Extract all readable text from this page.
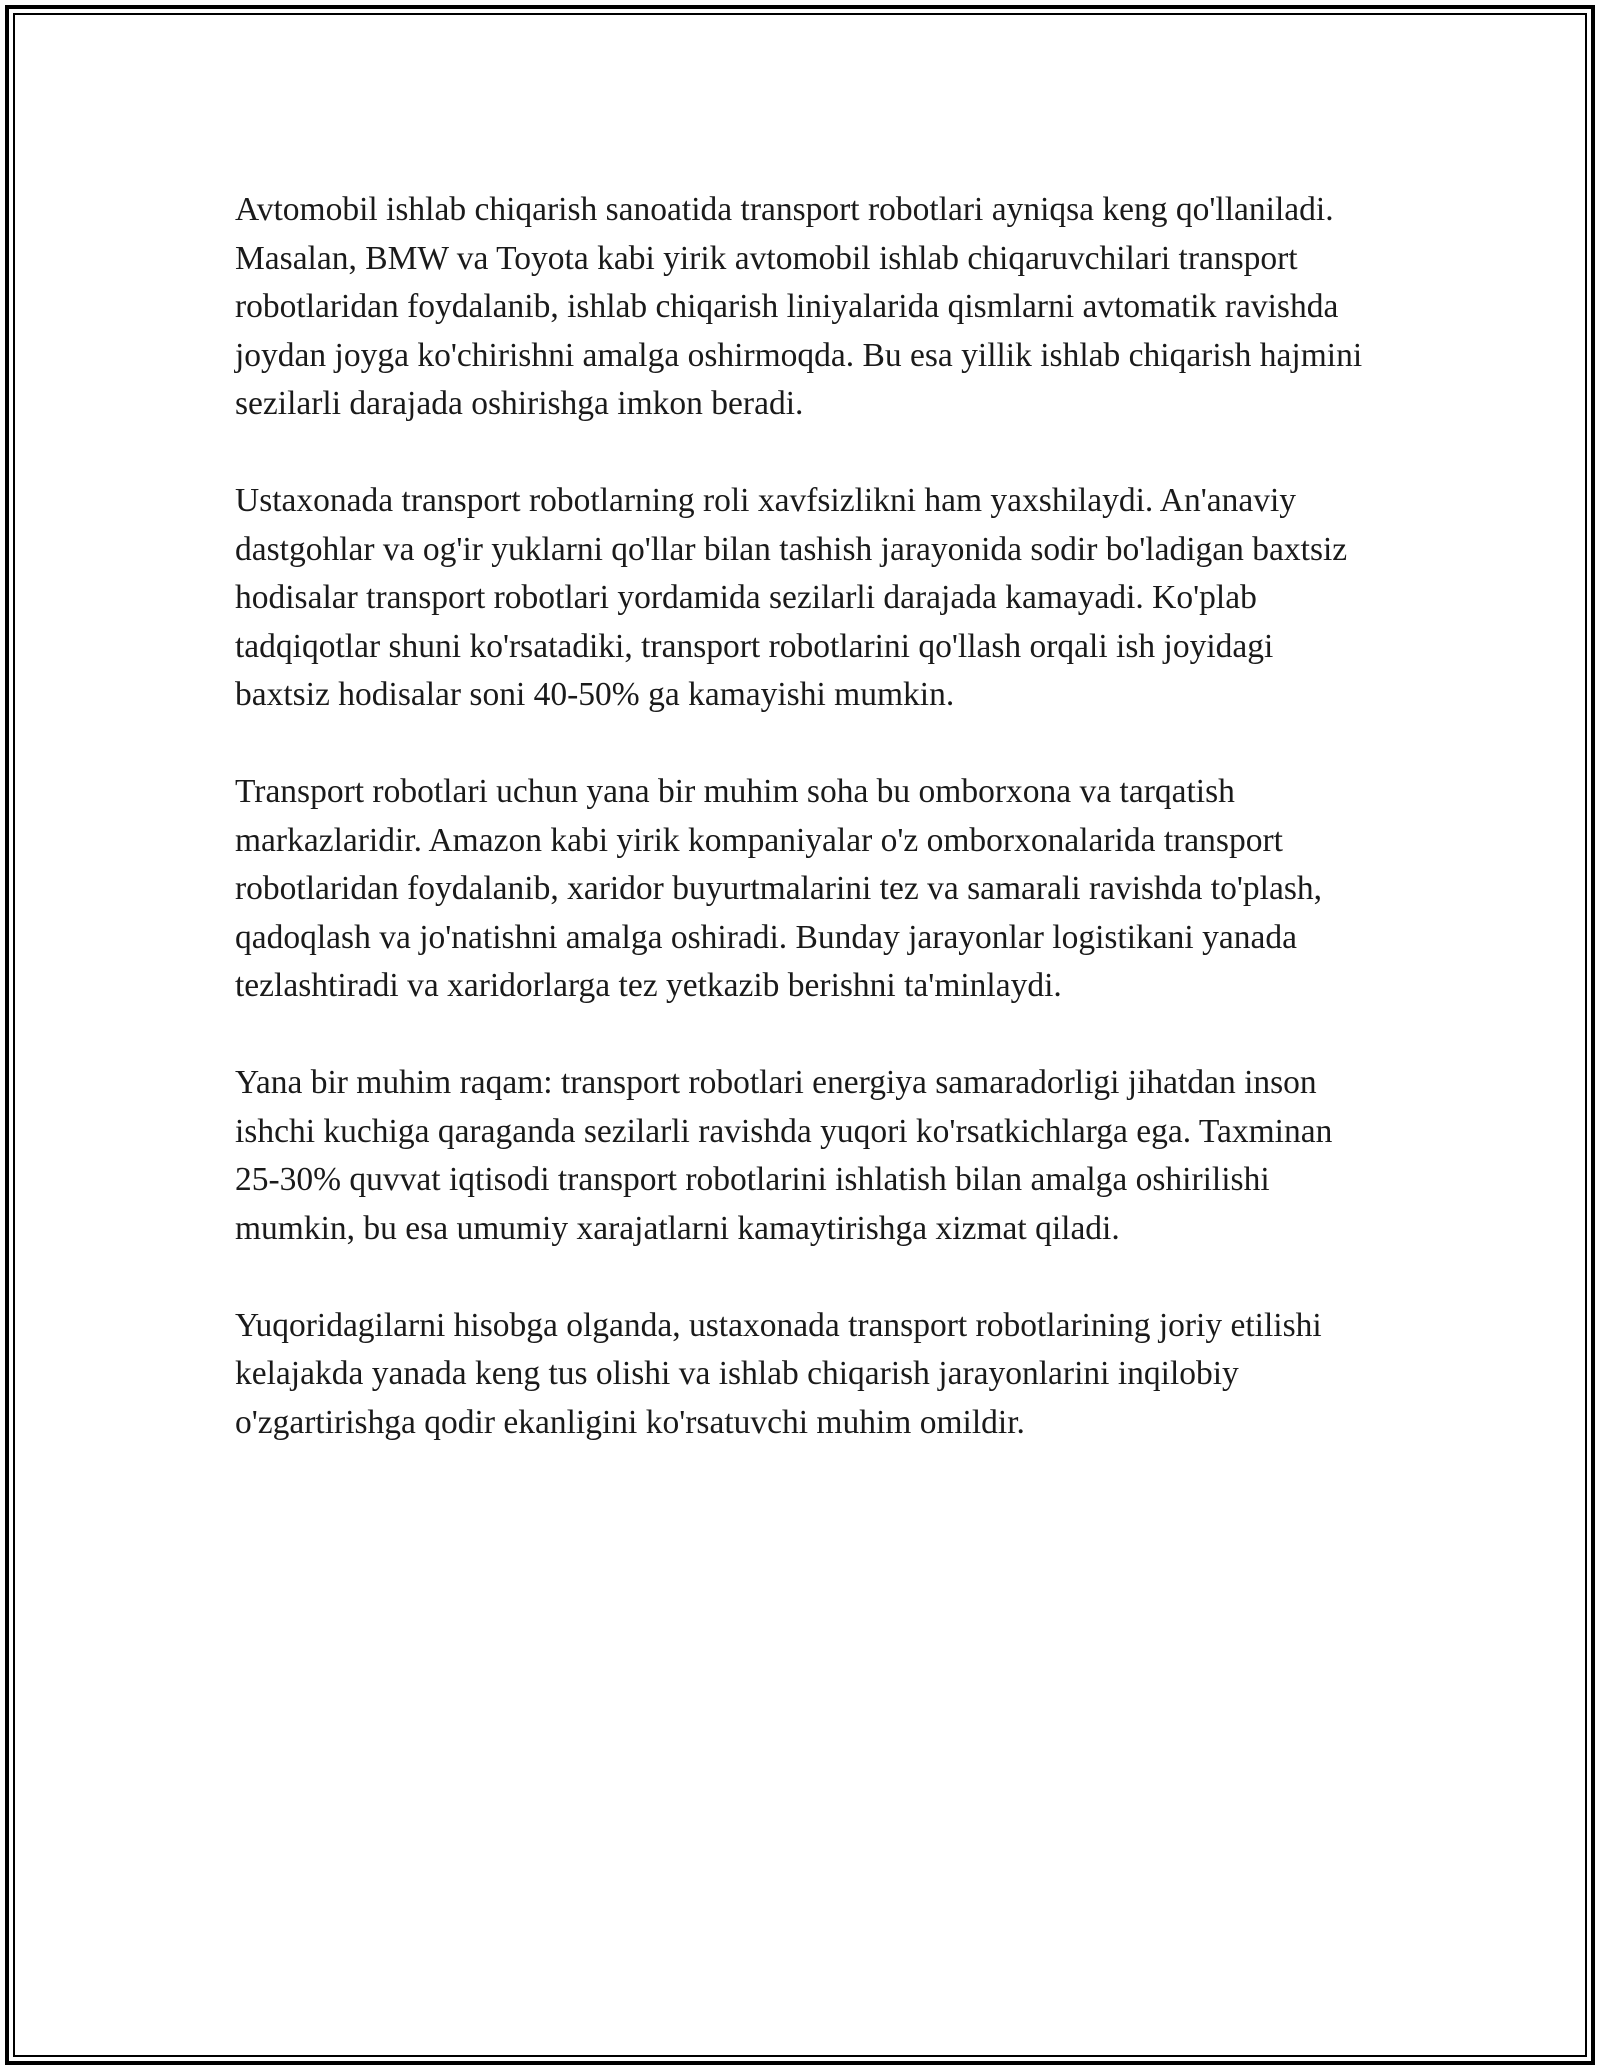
Avtomobil ishlab chiqarish sanoatida transport robotlari ayniqsa keng qo'llaniladi. Masalan, BMW va Toyota kabi yirik avtomobil ishlab chiqaruvchilari transport robotlaridan foydalanib, ishlab chiqarish liniyalarida qismlarni avtomatik ravishda joydan joyga ko'chirishni amalga oshirmoqda. Bu esa yillik ishlab chiqarish hajmini sezilarli darajada oshirishga imkon beradi.

Ustaxonada transport robotlarning roli xavfsizlikni ham yaxshilaydi. An'anaviy dastgohlar va og'ir yuklarni qo'llar bilan tashish jarayonida sodir bo'ladigan baxtsiz hodisalar transport robotlari yordamida sezilarli darajada kamayadi. Ko'plab tadqiqotlar shuni ko'rsatadiki, transport robotlarini qo'llash orqali ish joyidagi baxtsiz hodisalar soni 40-50% ga kamayishi mumkin.

Transport robotlari uchun yana bir muhim soha bu omborxona va tarqatish markazlaridir. Amazon kabi yirik kompaniyalar o'z omborxonalarida transport robotlaridan foydalanib, xaridor buyurtmalarini tez va samarali ravishda to'plash, qadoqlash va jo'natishni amalga oshiradi. Bunday jarayonlar logistikani yanada tezlashtiradi va xaridorlarga tez yetkazib berishni ta'minlaydi.

Yana bir muhim raqam: transport robotlari energiya samaradorligi jihatdan inson ishchi kuchiga qaraganda sezilarli ravishda yuqori ko'rsatkichlarga ega. Taxminan 25-30% quvvat iqtisodi transport robotlarini ishlatish bilan amalga oshirilishi mumkin, bu esa umumiy xarajatlarni kamaytirishga xizmat qiladi.

Yuqoridagilarni hisobga olganda, ustaxonada transport robotlarining joriy etilishi kelajakda yanada keng tus olishi va ishlab chiqarish jarayonlarini inqilobiy o'zgartirishga qodir ekanligini ko'rsatuvchi muhim omildir.
